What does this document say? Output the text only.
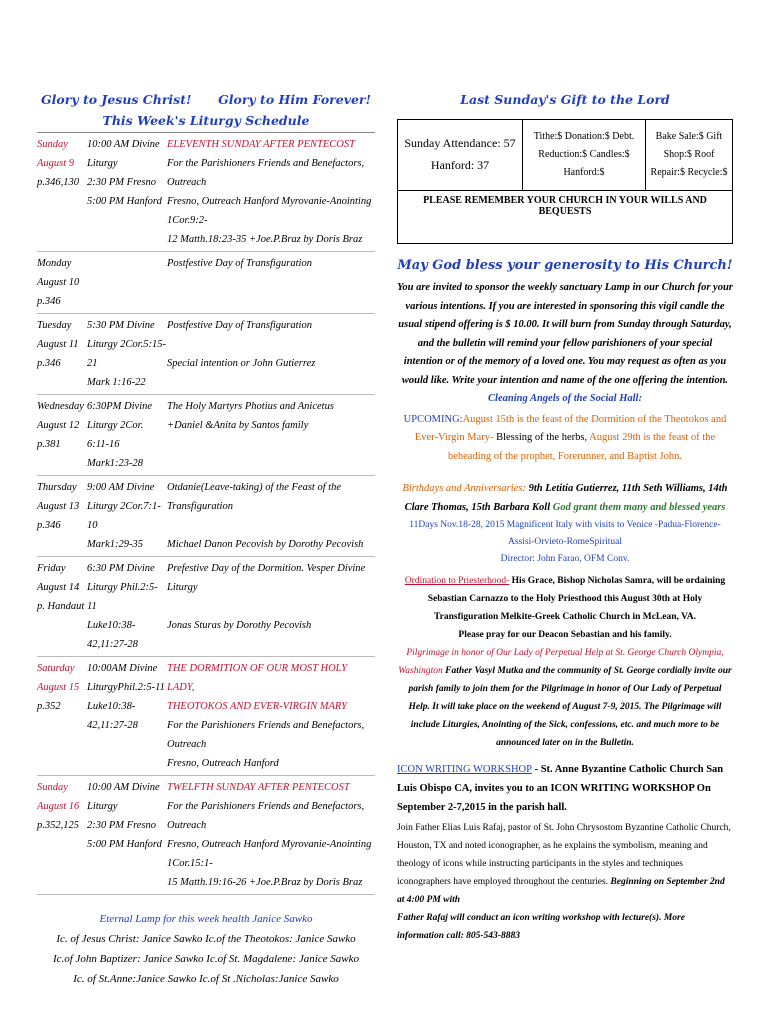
Glory to Jesus Christ! Glory to Him Forever!
This Week's Liturgy Schedule
Sunday
August 9
p.346,130
10:00 AM Divine
Liturgy
2:30 PM Fresno
5:00 PM Hanford
ELEVENTH SUNDAY AFTER PENTECOST
For the Parishioners Friends and Benefactors, Outreach
Fresno, Outreach Hanford Myrovanie-Anointing 1Cor.9:2-
12 Matth.18:23-35 +Joe.P.Braz by Doris Braz
Monday
August 10
p.346
Postfestive Day of Transfiguration
Tuesday
August 11
p.346
5:30 PM Divine
Liturgy 2Cor.5:15-21
Mark 1:16-22
Postfestive Day of Transfiguration

Special intention or John Gutierrez
Wednesday
August 12
p.381
6:30PM Divine
Liturgy 2Cor. 6:11-16
Mark1:23-28
The Holy Martyrs Photius and Anicetus
+Daniel &Anita by Santos family
Thursday
August 13
p.346
9:00 AM Divine
Liturgy 2Cor.7:1-10
Mark1:29-35
Otdanie(Leave-taking) of the Feast of the Transfiguration

Michael Danon Pecovish by Dorothy Pecovish
Friday
August 14
p. Handaut
6:30 PM Divine
Liturgy Phil.2:5-11
Luke10:38-42,11:27-28
Prefestive Day of the Dormition. Vesper Divine Liturgy

Jonas Sturas by Dorothy Pecovish
Saturday
August 15
p.352
10:00AM Divine
LiturgyPhil.2:5-11
Luke10:38-42,11:27-28
THE DORMITION OF OUR MOST HOLY LADY,
THEOTOKOS AND EVER-VIRGIN MARY
For the Parishioners Friends and Benefactors, Outreach
Fresno, Outreach Hanford
Sunday
August 16
p.352,125
10:00 AM Divine
Liturgy
2:30 PM Fresno
5:00 PM Hanford
TWELFTH SUNDAY AFTER PENTECOST
For the Parishioners Friends and Benefactors, Outreach
Fresno, Outreach Hanford Myrovanie-Anointing 1Cor.15:1-
15 Matth.19:16-26 +Joe.P.Braz by Doris Braz
Eternal Lamp for this week health Janice Sawko
Ic. of Jesus Christ: Janice Sawko Ic.of the Theotokos: Janice Sawko
Ic.of John Baptizer: Janice Sawko Ic.of St. Magdalene: Janice Sawko
Ic. of St.Anne:Janice Sawko Ic.of St .Nicholas:Janice Sawko
Last Sunday's Gift to the Lord
Sunday Attendance: 57
Hanford: 37
Tithe:$ Donation:$ Debt.
Reduction:$ Candles:$ Hanford:$
Bake Sale:$ Gift Shop:$ Roof
Repair:$ Recycle:$
PLEASE REMEMBER YOUR CHURCH IN YOUR WILLS AND BEQUESTS
May God bless your generosity to His Church!
You are invited to sponsor the weekly sanctuary Lamp in our Church for your various intentions. If you are interested in sponsoring this vigil candle the usual stipend offering is $ 10.00. It will burn from Sunday through Saturday, and the bulletin will remind your fellow parishioners of your special intention or of the memory of a loved one. You may request as often as you would like. Write your intention and name of the one offering the intention.
Cleaning Angels of the Social Hall:
UPCOMING:August 15th is the feast of the Dormition of the Theotokos and Ever-Virgin Mary- Blessing of the herbs, August 29th is the feast of the beheading of the prophet, Forerunner, and Baptist John.
Birthdays and Anniversaries: 9th Letitia Gutierrez, 11th Seth Williams, 14th Clare Thomas, 15th Barbara Koll God grant them many and blessed years
11Days Nov.18-28, 2015 Magnificent Italy with visits to Venice -Padua-Florence-Assisi-Orvieto-RomeSpiritual
Director: John Farao, OFM Conv.
Ordination to Priesterhood- His Grace, Bishop Nicholas Samra, will be ordaining Sebastian Carnazzo to the Holy Priesthood this August 30th at Holy Transfiguration Melkite-Greek Catholic Church in McLean, VA.
Please pray for our Deacon Sebastian and his family.
Pilgrimage in honor of Our Lady of Perpetual Help at St. George Church Olympia, Washington Father Vasyl Mutka and the community of St. George cordially invite our parish family to join them for the Pilgrimage in honor of Our Lady of Perpetual Help. It will take place on the weekend of August 7-9, 2015. The Pilgrimage will include Liturgies, Anointing of the Sick, confessions, etc. and much more to be announced later on in the Bulletin.
ICON WRITING WORKSHOP - St. Anne Byzantine Catholic Church San Luis Obispo CA, invites you to an ICON WRITING WORKSHOP On September 2-7,2015 in the parish hall.
Join Father Elias Luis Rafaj, pastor of St. John Chrysostom Byzantine Catholic Church, Houston, TX and noted iconographer, as he explains the symbolism, meaning and theology of icons while instructing participants in the styles and techniques iconographers have employed throughout the centuries. Beginning on September 2nd at 4:00 PM with
Father Rafaj will conduct an icon writing workshop with lecture(s). More information call: 805-543-8883
